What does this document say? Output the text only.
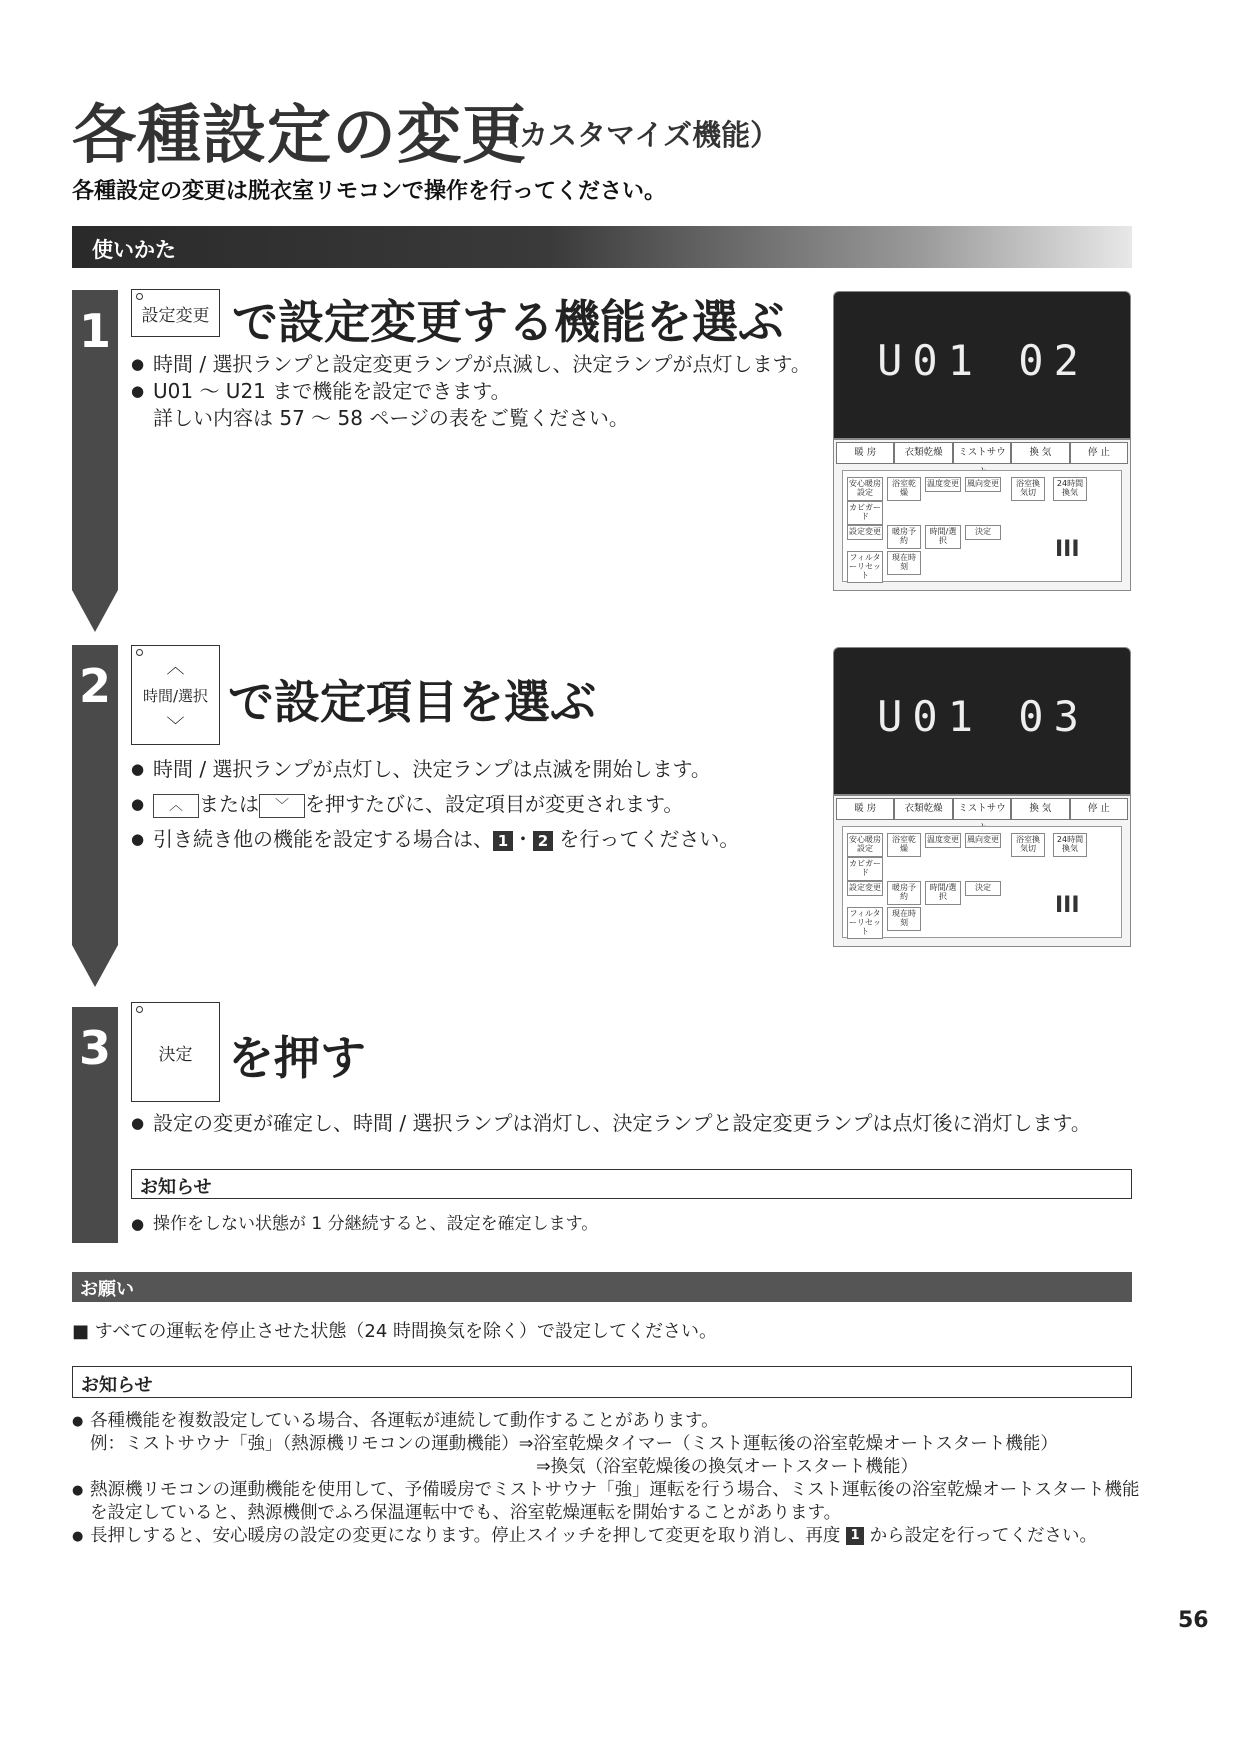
各種設定の変更
（カスタマイズ機能）
各種設定の変更は脱衣室リモコンで操作を行ってください。
使いかた
1	設定変更 で設定変更する機能を選ぶ
● 時間 / 選択ランプと設定変更ランプが点滅し、決定ランプが点灯します。
● U01 ～ U21 まで機能を設定できます。
詳しい内容は 57 ～ 58 ページの表をご覧ください。
U01 02
暖 房	衣類乾燥	ミストサウ	換 気	停 止
安心暖房設定
浴室乾燥
温度変更 風向変更	浴室換気切
24時間換気
カビガード
設定変更	暖房予約
時間/選択
決定
フィルターリセット
現在時刻
III
2	︿
時間/選択
﹀ で設定項目を選ぶ
● 時間 / 選択ランプが点灯し、決定ランプは点滅を開始します。
● ︿ または ﹀ を押すたびに、設定項目が変更されます。
● 引き続き他の機能を設定する場合は、 1 ・ 2 を行ってください。
U01 03
暖 房	衣類乾燥	ミストサウ	換 気	停 止
安心暖房設定
浴室乾燥
温度変更 風向変更	浴室換気切
24時間換気
カビガード
設定変更	暖房予約
時間/選択
決定
フィルターリセット
現在時刻
III
3	決定 を押す
● 設定の変更が確定し、時間 / 選択ランプは消灯し、決定ランプと設定変更ランプは点灯後に消灯します。
お知らせ
● 操作をしない状態が 1 分継続すると、設定を確定します。
お願い
■ すべての運転を停止させた状態（24 時間換気を除く）で設定してください。
お知らせ
● 各種機能を複数設定している場合、各運転が連続して動作することがあります。
例：ミストサウナ「強」（熱源機リモコンの運動機能）⇒浴室乾燥タイマー（ミスト運転後の浴室乾燥オートスタート機能）
⇒換気（浴室乾燥後の換気オートスタート機能）
● 熱源機リモコンの運動機能を使用して、予備暖房でミストサウナ「強」運転を行う場合、ミスト運転後の浴室乾燥オートスタート機能を設定していると、熱源機側でふろ保温運転中でも、浴室乾燥運転を開始することがあります。
● 長押しすると、安心暖房の設定の変更になります。停止スイッチを押して変更を取り消し、再度 1 から設定を行ってください。
56
